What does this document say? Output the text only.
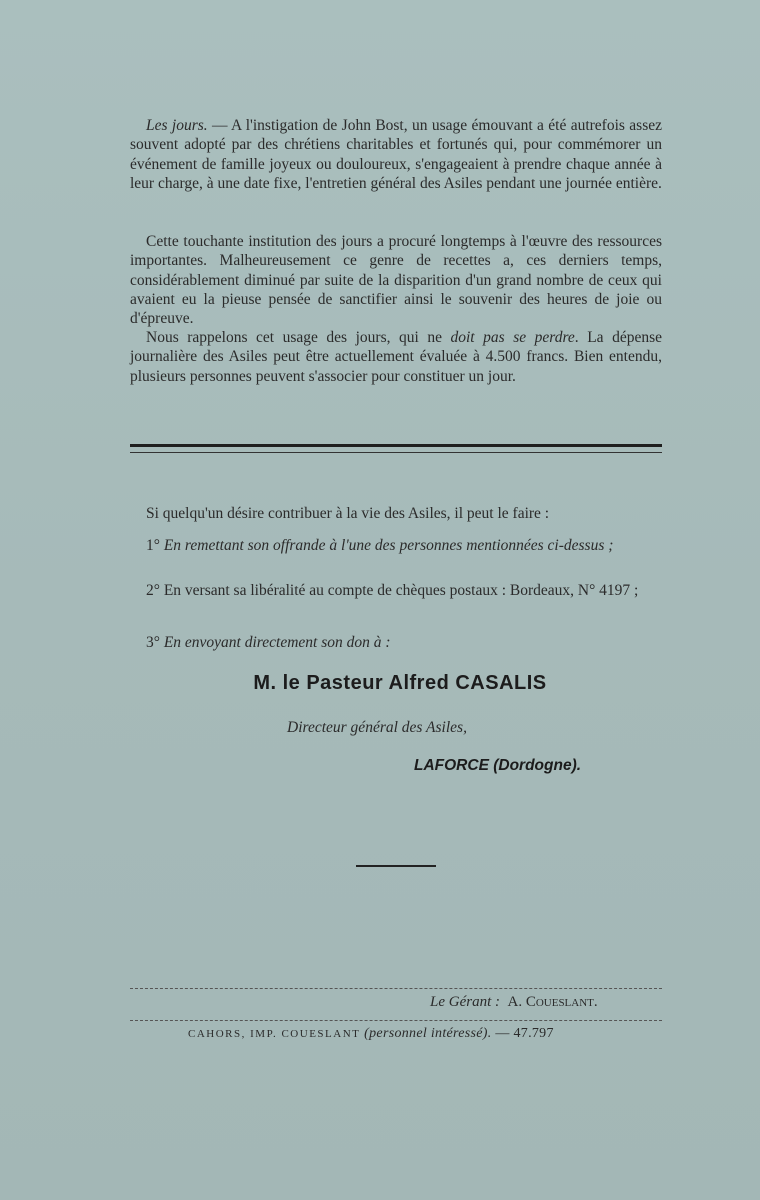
Les jours. — A l'instigation de John Bost, un usage émouvant a été autrefois assez souvent adopté par des chrétiens charitables et fortunés qui, pour commémorer un événement de famille joyeux ou douloureux, s'engageaient à prendre chaque année à leur charge, à une date fixe, l'entretien général des Asiles pendant une journée entière.
Cette touchante institution des jours a procuré longtemps à l'œuvre des ressources importantes. Malheureusement ce genre de recettes a, ces derniers temps, considérablement diminué par suite de la disparition d'un grand nombre de ceux qui avaient eu la pieuse pensée de sanctifier ainsi le souvenir des heures de joie ou d'épreuve.
Nous rappelons cet usage des jours, qui ne doit pas se perdre. La dépense journalière des Asiles peut être actuellement évaluée à 4.500 francs. Bien entendu, plusieurs personnes peuvent s'associer pour constituer un jour.
Si quelqu'un désire contribuer à la vie des Asiles, il peut le faire :
1° En remettant son offrande à l'une des personnes mentionnées ci-dessus ;
2° En versant sa libéralité au compte de chèques postaux : Bordeaux, N° 4197 ;
3° En envoyant directement son don à :
M. le Pasteur Alfred CASALIS
Directeur général des Asiles,
LAFORCE (Dordogne).
Le Gérant : A. Coueslant.
CAHORS, IMP. COUESLANT (personnel intéressé). — 47.797
